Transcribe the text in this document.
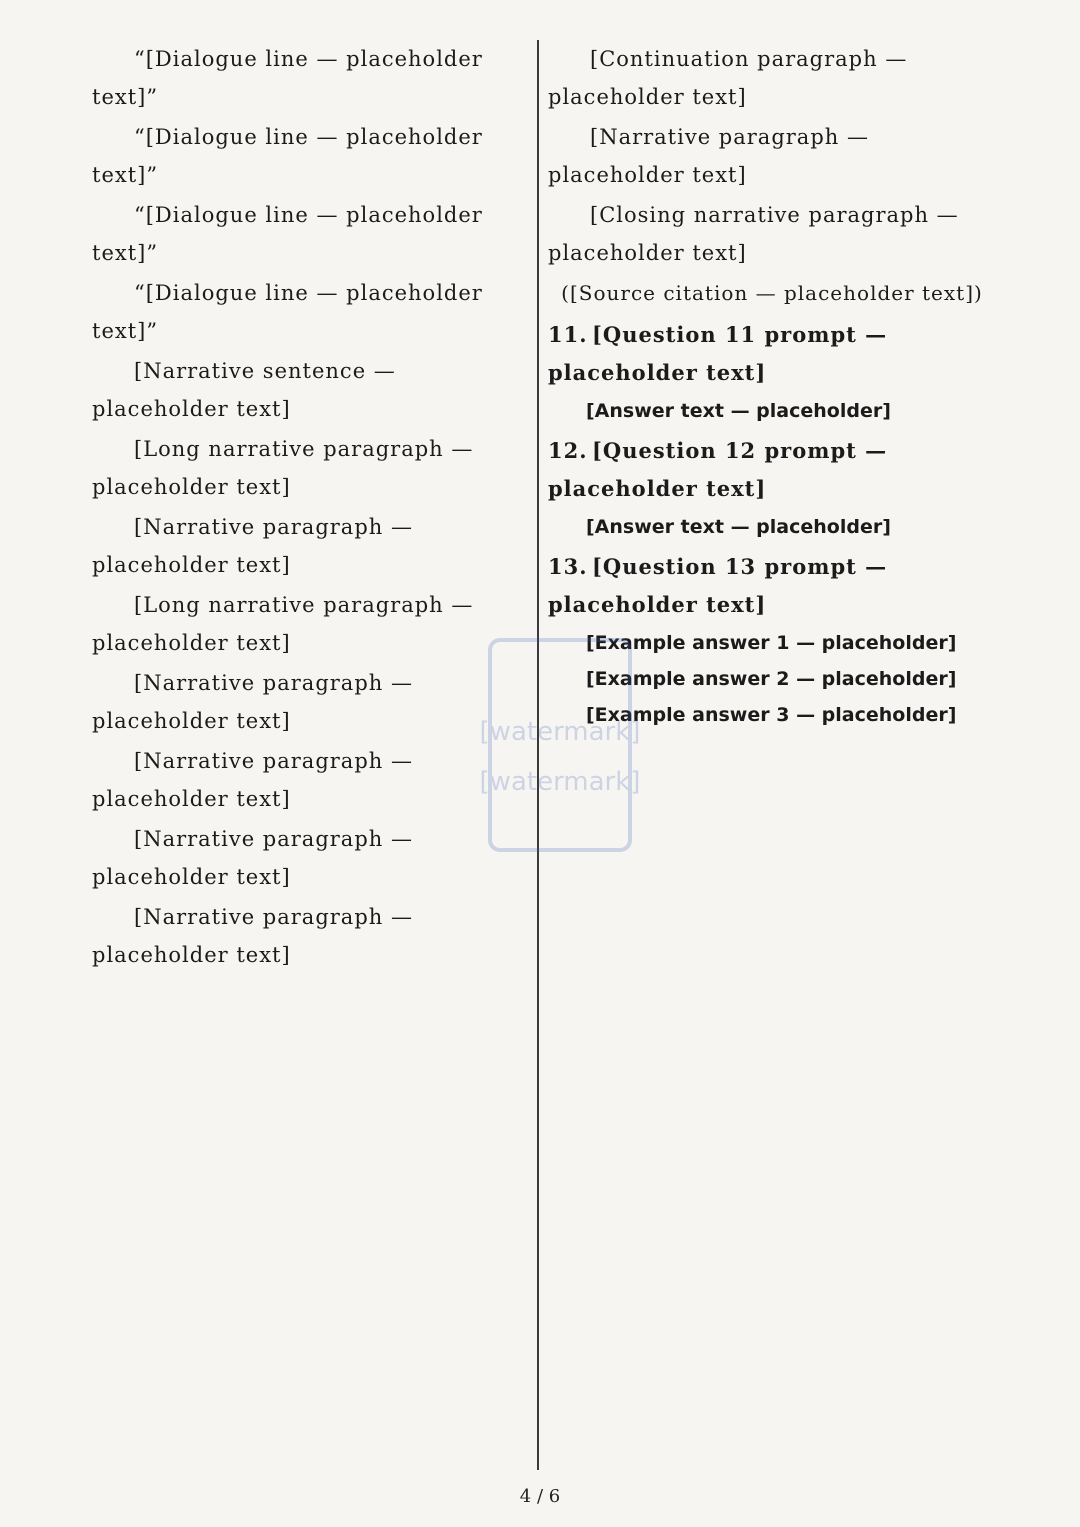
“[Dialogue line — placeholder text]”

“[Dialogue line — placeholder text]”

“[Dialogue line — placeholder text]”

“[Dialogue line — placeholder text]”

[Narrative sentence — placeholder text]

[Long narrative paragraph — placeholder text]

[Narrative paragraph — placeholder text]

[Long narrative paragraph — placeholder text]

[Narrative paragraph — placeholder text]

[Narrative paragraph — placeholder text]

[Narrative paragraph — placeholder text]

[Narrative paragraph — placeholder text]

[Continuation paragraph — placeholder text]

[Narrative paragraph — placeholder text]

[Closing narrative paragraph — placeholder text]

([Source citation — placeholder text])

11. [Question 11 prompt — placeholder text]

[Answer text — placeholder]

12. [Question 12 prompt — placeholder text]

[Answer text — placeholder]

13. [Question 13 prompt — placeholder text]

[Example answer 1 — placeholder]

[Example answer 2 — placeholder]

[Example answer 3 — placeholder]

[watermark]
[watermark]
4 / 6
